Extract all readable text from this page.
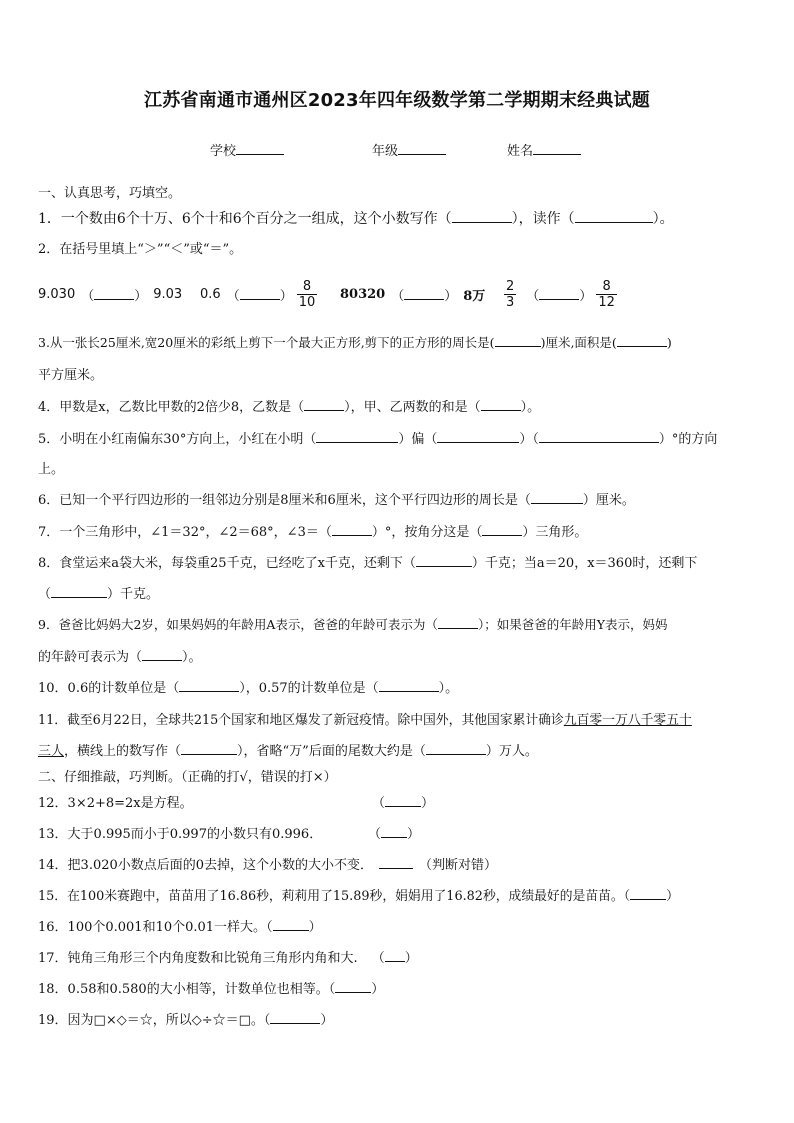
江苏省南通市通州区2023年四年级数学第二学期期末经典试题
学校	年级	姓名
一、认真思考，巧填空。
1．一个数由6个十万、6个十和6个百分之一组成，这个小数写作（	），读作（	）。
2．在括号里填上“＞”“＜”或“＝”。
9.030 （	） 9.03 0.6 （	） $\frac{8}{10} 80320$ （	） 8万 $\frac{2}{3}$ （	） $\frac{8}{12}$
3.从一张长25厘米,宽20厘米的彩纸上剪下一个最大正方形,剪下的正方形的周长是(	)厘米,面积是(	)
平方厘米。
4．甲数是x，乙数比甲数的2倍少8，乙数是（	），甲、乙两数的和是（	）。
5．小明在小红南偏东30°方向上，小红在小明（	）偏（	）（	）°的方向
上。
6．已知一个平行四边形的一组邻边分别是8厘米和6厘米，这个平行四边形的周长是（	）厘米。
7．一个三角形中，∠1＝32°，∠2＝68°，∠3＝（	）°，按角分这是（	）三角形。
8．食堂运来a袋大米，每袋重25千克，已经吃了x千克，还剩下（	）千克；当a＝20，x＝360时，还剩下
（	）千克。
9．爸爸比妈妈大2岁，如果妈妈的年龄用A表示，爸爸的年龄可表示为（	）；如果爸爸的年龄用Y表示，妈妈
的年龄可表示为（	）。
10．0.6的计数单位是（	），0.57的计数单位是（	）。
11．截至6月22日，全球共215个国家和地区爆发了新冠疫情。除中国外，其他国家累计确诊九百零一万八千零五十
三人，横线上的数写作（	），省略“万”后面的尾数大约是（	）万人。
二、仔细推敲，巧判断。（正确的打√，错误的打×）
12．3×2+8=2x是方程。	（	）
13．大于0.995而小于0.997的小数只有0.996．	（ ）
14．把3.020小数点后面的0去掉，这个小数的大小不变．	（判断对错）
15．在100米赛跑中，苗苗用了16.86秒，莉莉用了15.89秒，娟娟用了16.82秒，成绩最好的是苗苗。（	）
16．100个0.001和10个0.01一样大。（	）
17．钝角三角形三个内角度数和比锐角三角形内角和大. （ ）
18．0.58和0.580的大小相等，计数单位也相等。（	）
19．因为□×◇＝☆，所以◇÷☆＝□。（	）
